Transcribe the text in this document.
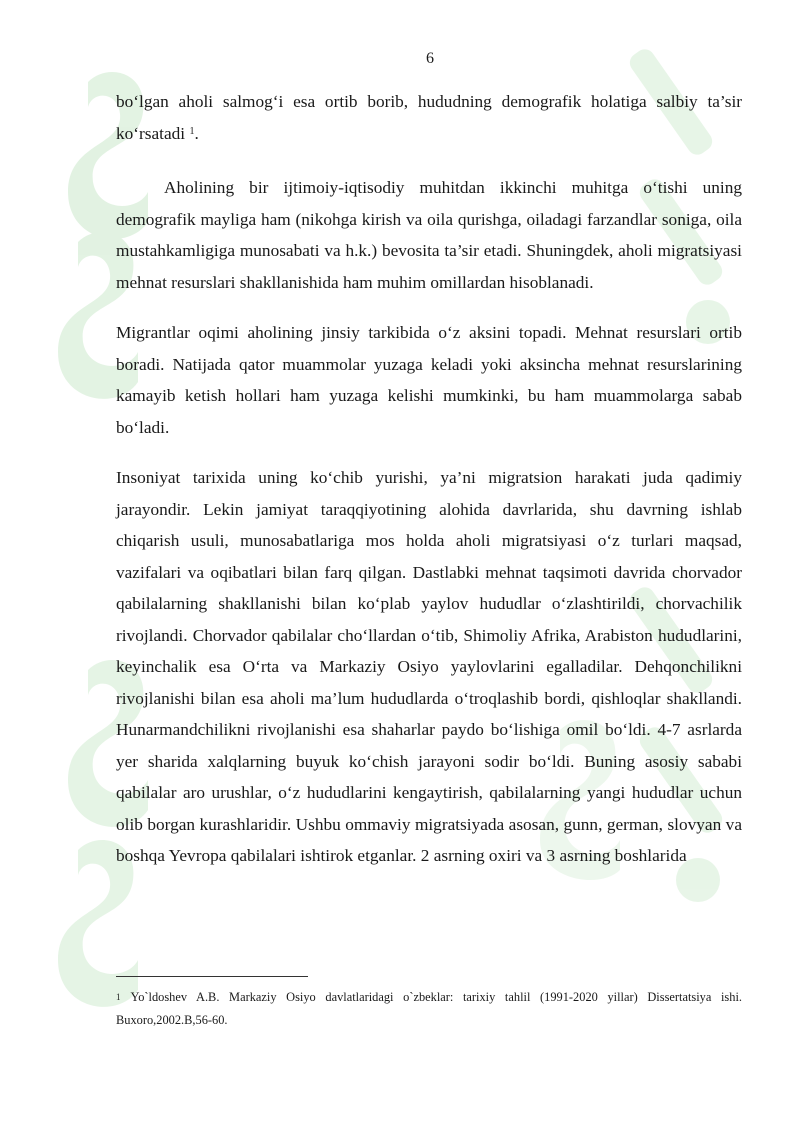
6

bo‘lgan aholi salmog‘i esa ortib borib, hududning demografik holatiga salbiy ta’sir ko‘rsatadi $^1$.

Aholining bir ijtimoiy-iqtisodiy muhitdan ikkinchi muhitga o‘tishi uning demografik mayliga ham (nikohga kirish va oila qurishga, oiladagi farzandlar soniga, oila mustahkamligiga munosabati va h.k.) bevosita ta’sir etadi. Shuningdek, aholi migratsiyasi mehnat resurslari shakllanishida ham muhim omillardan hisoblanadi.

Migrantlar oqimi aholining jinsiy tarkibida o‘z aksini topadi. Mehnat resurslari ortib boradi. Natijada qator muammolar yuzaga keladi yoki aksincha mehnat resurslarining kamayib ketish hollari ham yuzaga kelishi mumkinki, bu ham muammolarga sabab bo‘ladi.

Insoniyat tarixida uning ko‘chib yurishi, ya’ni migratsion harakati juda qadimiy jarayondir. Lekin jamiyat taraqqiyotining alohida davrlarida, shu davrning ishlab chiqarish usuli, munosabatlariga mos holda aholi migratsiyasi o‘z turlari maqsad, vazifalari va oqibatlari bilan farq qilgan. Dastlabki mehnat taqsimoti davrida chorvador qabilalarning shakllanishi bilan ko‘plab yaylov hududlar o‘zlashtirildi, chorvachilik rivojlandi. Chorvador qabilalar cho‘llardan o‘tib, Shimoliy Afrika, Arabiston hududlarini, keyinchalik esa O‘rta va Markaziy Osiyo yaylovlarini egalladilar. Dehqonchilikni rivojlanishi bilan esa aholi ma’lum hududlarda o‘troqlashib bordi, qishloqlar shakllandi. Hunarmandchilikni rivojlanishi esa shaharlar paydo bo‘lishiga omil bo‘ldi. 4-7 asrlarda yer sharida xalqlarning buyuk ko‘chish jarayoni sodir bo‘ldi. Buning asosiy sababi qabilalar aro urushlar, o‘z hududlarini kengaytirish, qabilalarning yangi hududlar uchun olib borgan kurashlaridir. Ushbu ommaviy migratsiyada asosan, gunn, german, slovyan va boshqa Yevropa qabilalari ishtirok etganlar. 2 asrning oxiri va 3 asrning boshlarida

$^1$ Yo`ldoshev A.B. Markaziy Osiyo davlatlaridagi o`zbeklar: tarixiy tahlil (1991-2020 yillar) Dissertatsiya ishi. Buxoro,2002.B,56-60.
